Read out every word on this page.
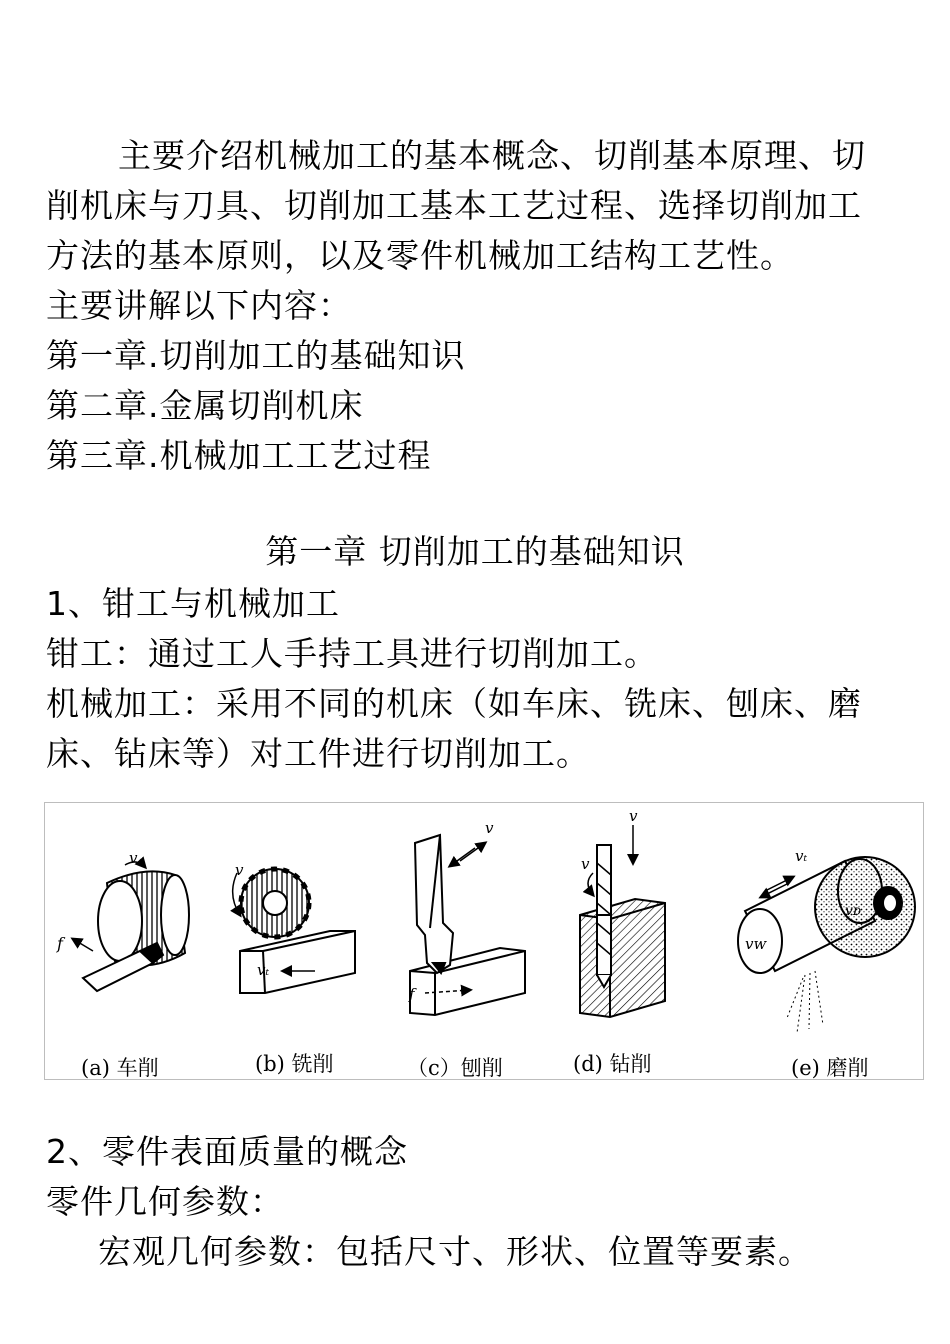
主要介绍机械加工的基本概念、切削基本原理、切
削机床与刀具、切削加工基本工艺过程、选择切削加工
方法的基本原则，以及零件机械加工结构工艺性。
主要讲解以下内容：
第一章.切削加工的基础知识
第二章.金属切削机床
第三章.机械加工工艺过程
第一章 切削加工的基础知识
1、钳工与机械加工
钳工：通过工人手持工具进行切削加工。
机械加工：采用不同的机床（如车床、铣床、刨床、磨
床、钻床等）对工件进行切削加工。
f
v
v
vₜ
v
f
v
v	vₜ
vᴡ
vᴅ
(a) 车削	(b) 铣削	（c）刨削	(d) 钻削	(e) 磨削
2、零件表面质量的概念
零件几何参数：
宏观几何参数：包括尺寸、形状、位置等要素。
